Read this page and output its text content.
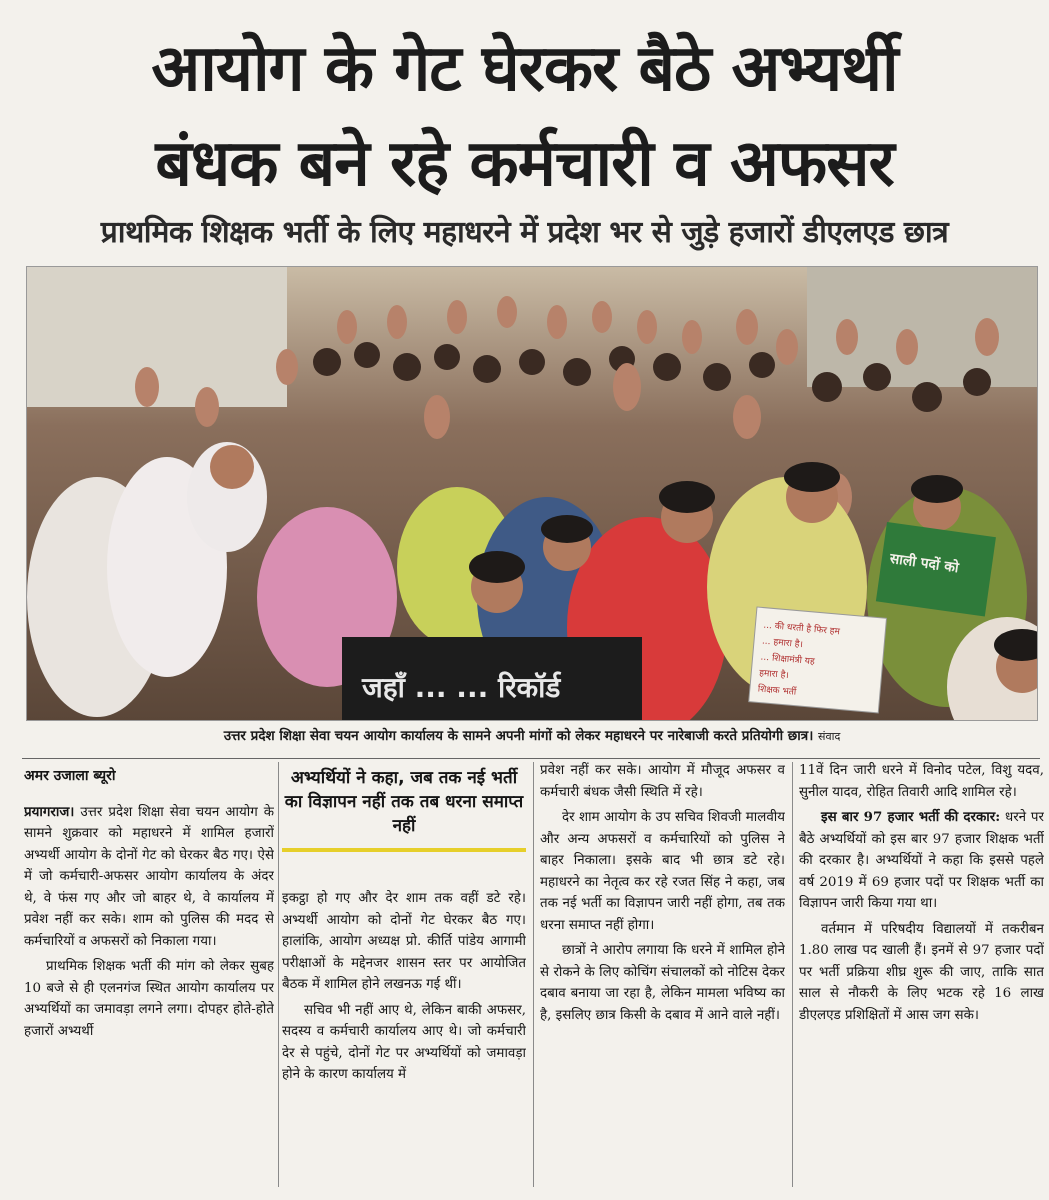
आयोग के गेट घेरकर बैठे अभ्यर्थी
बंधक बने रहे कर्मचारी व अफसर
प्राथमिक शिक्षक भर्ती के लिए महाधरने में प्रदेश भर से जुड़े हजारों डीएलएड छात्र
जहाँ ... ... रिकॉर्ड
... की धरती है फिर हम
... हमारा है।
... शिक्षामंत्री यह
हमारा है।
शिक्षक भर्ती
साली पदों को
उत्तर प्रदेश शिक्षा सेवा चयन आयोग कार्यालय के सामने अपनी मांगों को लेकर महाधरने पर नारेबाजी करते प्रतियोगी छात्र। संवाद
अमर उजाला ब्यूरो

प्रयागराज। उत्तर प्रदेश शिक्षा सेवा चयन आयोग के सामने शुक्रवार को महाधरने में शामिल हजारों अभ्यर्थी आयोग के दोनों गेट को घेरकर बैठ गए। ऐसे में जो कर्मचारी-अफसर आयोग कार्यालय के अंदर थे, वे फंस गए और जो बाहर थे, वे कार्यालय में प्रवेश नहीं कर सके। शाम को पुलिस की मदद से कर्मचारियों व अफसरों को निकाला गया।

प्राथमिक शिक्षक भर्ती की मांग को लेकर सुबह 10 बजे से ही एलनगंज स्थित आयोग कार्यालय पर अभ्यर्थियों का जमावड़ा लगने लगा। दोपहर होते-होते हजारों अभ्यर्थी

अभ्यर्थियों ने कहा, जब तक नई भर्ती का विज्ञापन नहीं तक तब धरना समाप्त नहीं

इकट्ठा हो गए और देर शाम तक वहीं डटे रहे। अभ्यर्थी आयोग को दोनों गेट घेरकर बैठ गए। हालांकि, आयोग अध्यक्ष प्रो. कीर्ति पांडेय आगामी परीक्षाओं के मद्देनजर शासन स्तर पर आयोजित बैठक में शामिल होने लखनऊ गई थीं।

सचिव भी नहीं आए थे, लेकिन बाकी अफसर, सदस्य व कर्मचारी कार्यालय आए थे। जो कर्मचारी देर से पहुंचे, दोनों गेट पर अभ्यर्थियों को जमावड़ा होने के कारण कार्यालय में

प्रवेश नहीं कर सके। आयोग में मौजूद अफसर व कर्मचारी बंधक जैसी स्थिति में रहे।

देर शाम आयोग के उप सचिव शिवजी मालवीय और अन्य अफसरों व कर्मचारियों को पुलिस ने बाहर निकाला। इसके बाद भी छात्र डटे रहे। महाधरने का नेतृत्व कर रहे रजत सिंह ने कहा, जब तक नई भर्ती का विज्ञापन जारी नहीं होगा, तब तक धरना समाप्त नहीं होगा।

छात्रों ने आरोप लगाया कि धरने में शामिल होने से रोकने के लिए कोचिंग संचालकों को नोटिस देकर दबाव बनाया जा रहा है, लेकिन मामला भविष्य का है, इसलिए छात्र किसी के दबाव में आने वाले नहीं।

11वें दिन जारी धरने में विनोद पटेल, विशु यदव, सुनील यादव, रोहित तिवारी आदि शामिल रहे।

इस बार 97 हजार भर्ती की दरकार: धरने पर बैठे अभ्यर्थियों को इस बार 97 हजार शिक्षक भर्ती की दरकार है। अभ्यर्थियों ने कहा कि इससे पहले वर्ष 2019 में 69 हजार पदों पर शिक्षक भर्ती का विज्ञापन जारी किया गया था।

वर्तमान में परिषदीय विद्यालयों में तकरीबन 1.80 लाख पद खाली हैं। इनमें से 97 हजार पदों पर भर्ती प्रक्रिया शीघ्र शुरू की जाए, ताकि सात साल से नौकरी के लिए भटक रहे 16 लाख डीएलएड प्रशिक्षितों में आस जग सके।
